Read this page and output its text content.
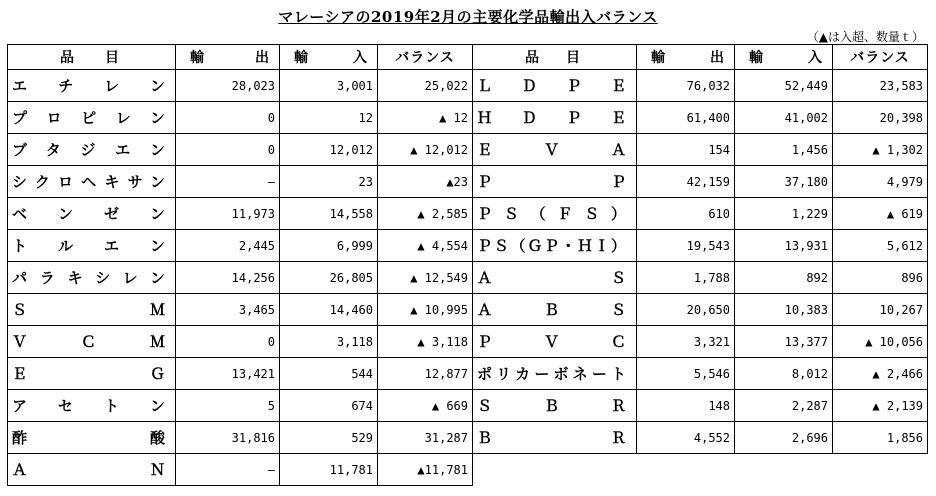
マレーシアの2019年2月の主要化学品輸出入バランス
（▲は入超、数量ｔ）
品　目	輸　出	輸　入	バランス	品　目	輸　出	輸　入	バランス
エチレン	28,023	3,001	25,022	ＬＤＰＥ	76,032	52,449	23,583
プロピレン	0	12	▲ 12	ＨＤＰＥ	61,400	41,002	20,398
ブタジエン	0	12,012	▲ 12,012	ＥＶＡ	154	1,456	▲ 1,302
シクロヘキサン	—	23	▲23	ＰＰ	42,159	37,180	4,979
ベンゼン	11,973	14,558	▲ 2,585	ＰＳ（ＦＳ）	610	1,229	▲ 619
トルエン	2,445	6,999	▲ 4,554	ＰＳ（ＧＰ・ＨＩ）	19,543	13,931	5,612
パラキシレン	14,256	26,805	▲ 12,549	ＡＳ	1,788	892	896
ＳＭ	3,465	14,460	▲ 10,995	ＡＢＳ	20,650	10,383	10,267
ＶＣＭ	0	3,118	▲ 3,118	ＰＶＣ	3,321	13,377	▲ 10,056
ＥＧ	13,421	544	12,877	ポリカーボネート	5,546	8,012	▲ 2,466
アセトン	5	674	▲ 669	ＳＢＲ	148	2,287	▲ 2,139
酢酸	31,816	529	31,287	ＢＲ	4,552	2,696	1,856
ＡＮ	—	11,781	▲11,781				
